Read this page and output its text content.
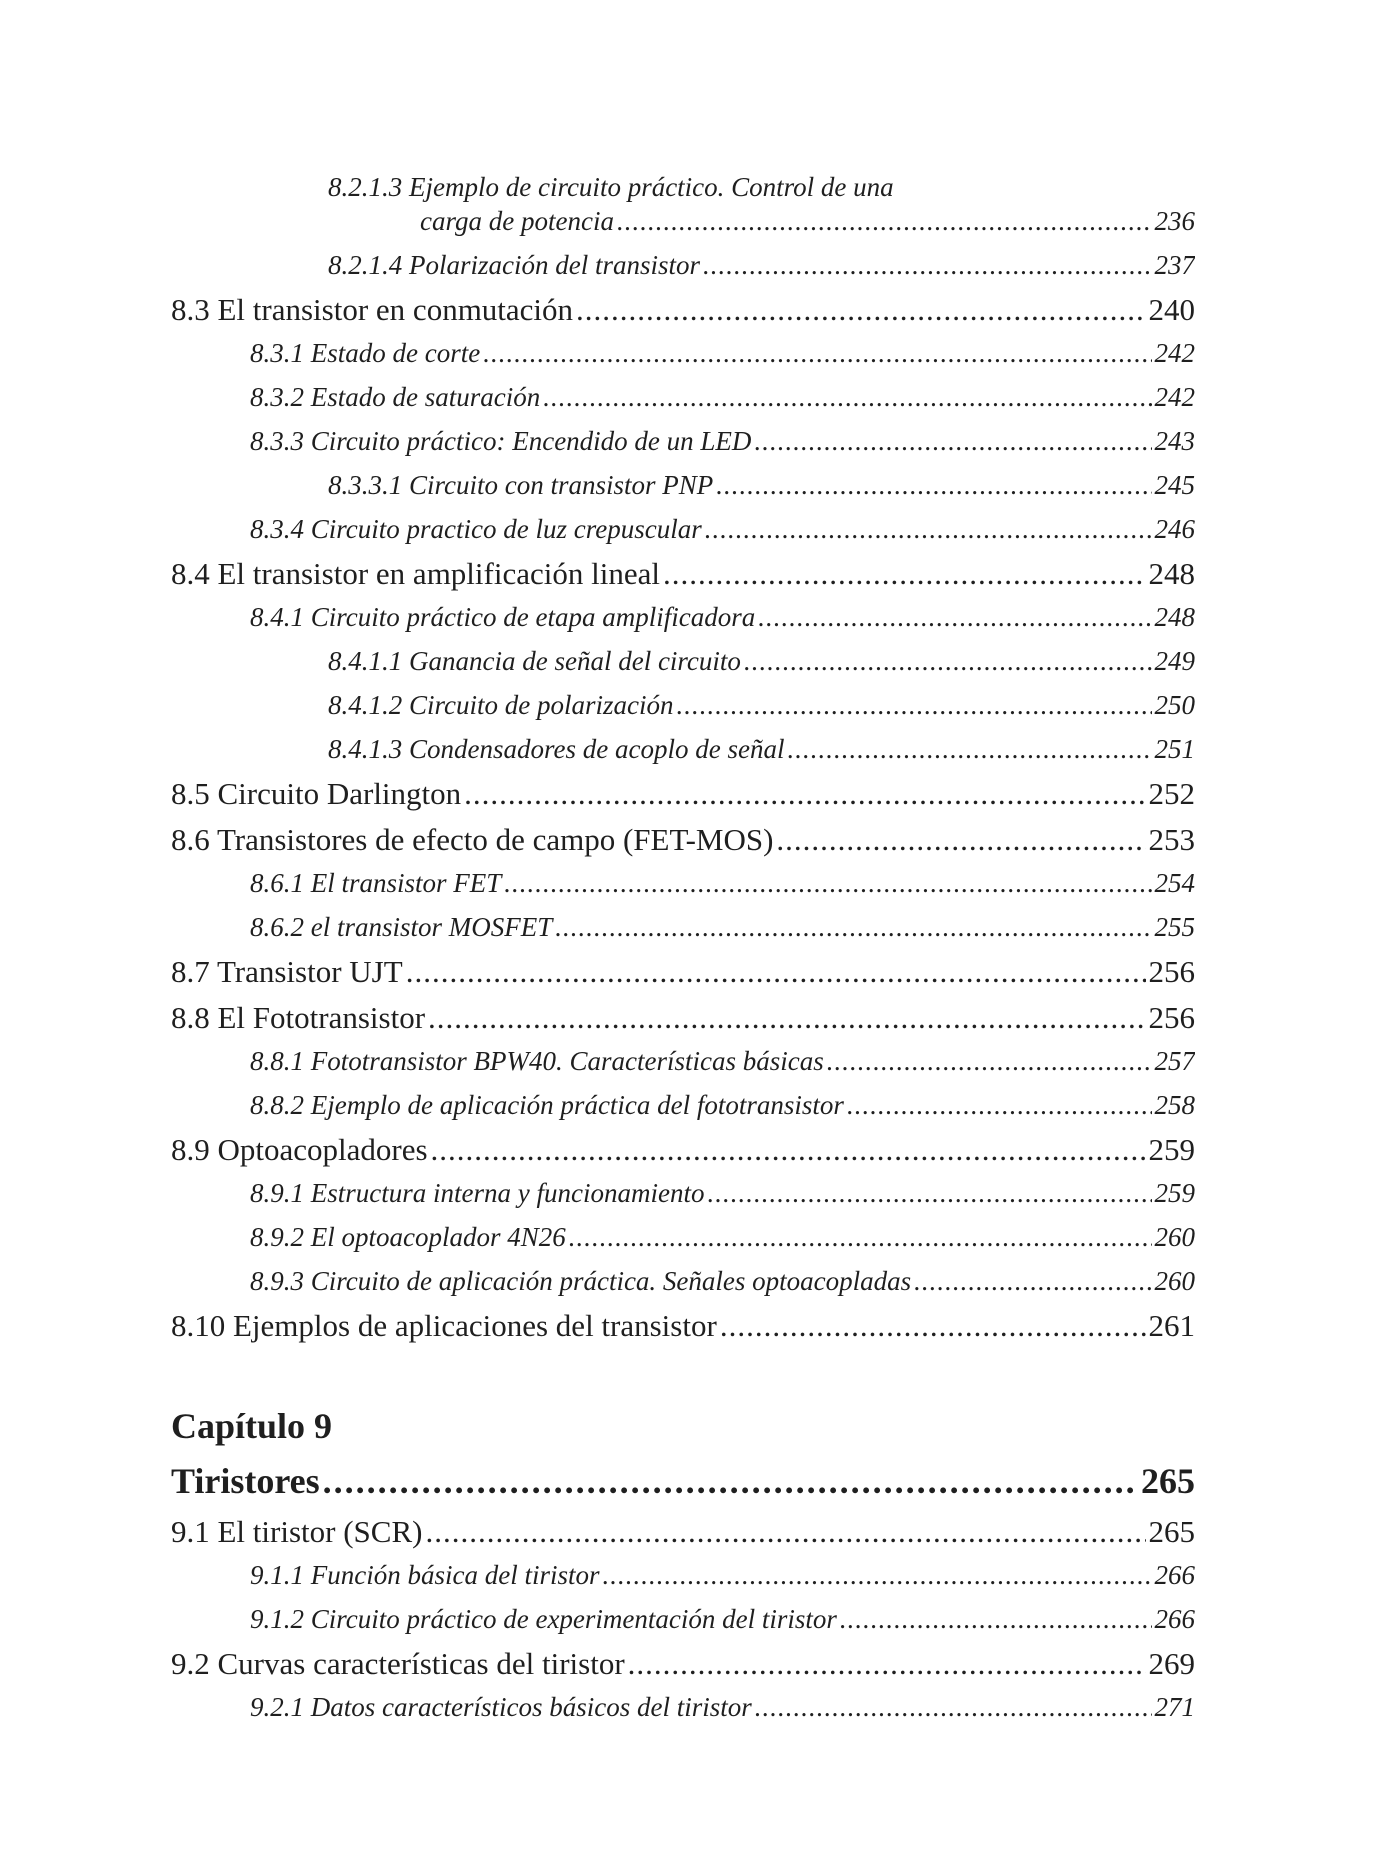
8.2.1.3 Ejemplo de circuito práctico. Control de una
carga de potencia .....	236
8.2.1.4 Polarización del transistor .....	237
8.3 El transistor en conmutación .....	240
8.3.1 Estado de corte .....	242
8.3.2 Estado de saturación .....	242
8.3.3 Circuito práctico: Encendido de un LED .....	243
8.3.3.1 Circuito con transistor PNP .....	245
8.3.4 Circuito practico de luz crepuscular .....	246
8.4 El transistor en amplificación lineal .....	248
8.4.1 Circuito práctico de etapa amplificadora .....	248
8.4.1.1 Ganancia de señal del circuito .....	249
8.4.1.2 Circuito de polarización .....	250
8.4.1.3 Condensadores de acoplo de señal .....	251
8.5 Circuito Darlington .....	252
8.6 Transistores de efecto de campo (FET-MOS) .....	253
8.6.1 El transistor FET .....	254
8.6.2 el transistor MOSFET .....	255
8.7 Transistor UJT .....	256
8.8 El Fototransistor .....	256
8.8.1 Fototransistor BPW40. Características básicas .....	257
8.8.2 Ejemplo de aplicación práctica del fototransistor .....	258
8.9 Optoacopladores .....	259
8.9.1 Estructura interna y funcionamiento .....	259
8.9.2 El optoacoplador 4N26 .....	260
8.9.3 Circuito de aplicación práctica. Señales optoacopladas .....	260
8.10 Ejemplos de aplicaciones del transistor .....	261
Capítulo 9
Tiristores .....	265
9.1 El tiristor (SCR) .....	265
9.1.1 Función básica del tiristor .....	266
9.1.2 Circuito práctico de experimentación del tiristor .....	266
9.2 Curvas características del tiristor .....	269
9.2.1 Datos característicos básicos del tiristor .....	271
